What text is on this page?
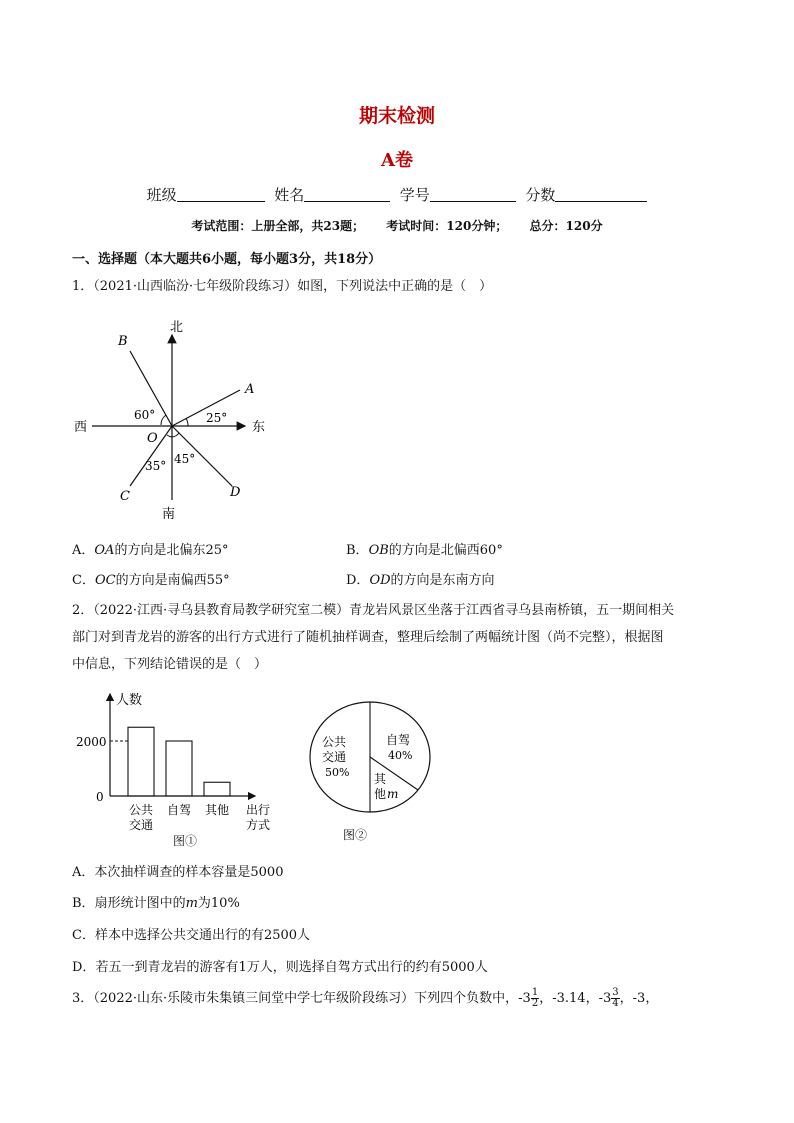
期末检测
A卷
班级	姓名	学号	分数
考试范围：上册全部，共23题； 考试时间：120分钟； 总分：120分
一、选择题（本大题共6小题，每小题3分，共18分）
1．（2021·山西临汾·七年级阶段练习）如图，下列说法中正确的是（　）
北
南
东
西
B
A
C	D
O
60°	25°
35° 45°
A．OA的方向是北偏东25°	B．OB的方向是北偏西60°
C．OC的方向是南偏西55°	D．OD的方向是东南方向
2．（2022·江西·寻乌县教育局教学研究室二模）青龙岩风景区坐落于江西省寻乌县南桥镇，五一期间相关
部门对到青龙岩的游客的出行方式进行了随机抽样调查，整理后绘制了两幅统计图（尚不完整），根据图
中信息，下列结论错误的是（　）
人数
2000
0
公共
交通
自驾 其他 出行
方式
图①
公共
交通
50%
自驾
40%
其
他 m
图②
A．本次抽样调查的样本容量是5000
B．扇形统计图中的m为10%
C．样本中选择公共交通出行的有2500人
D．若五一到青龙岩的游客有1万人，则选择自驾方式出行的约有5000人
3．（2022·山东·乐陵市朱集镇三间堂中学七年级阶段练习）下列四个负数中，$-3 \frac{1}{2}$ ，-3.14，$-3 \frac{3}{4}$ ，-3，
